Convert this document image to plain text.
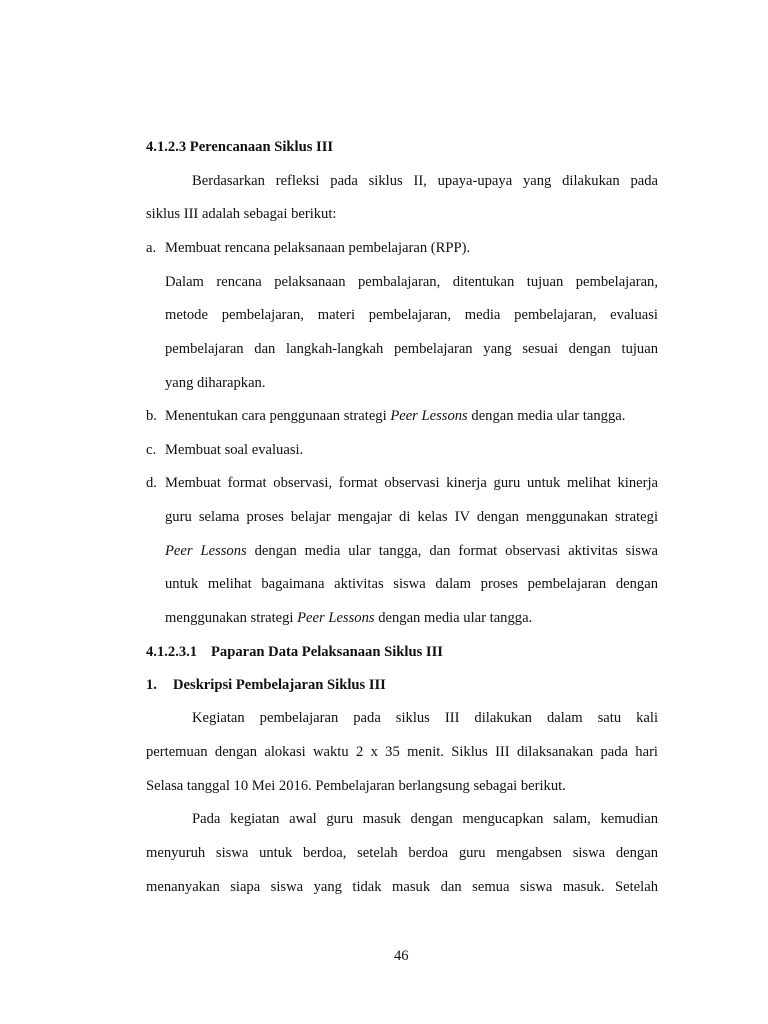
4.1.2.3 Perencanaan Siklus III
Berdasarkan refleksi pada siklus II, upaya-upaya yang dilakukan pada
siklus III adalah sebagai berikut:
a. Membuat rencana pelaksanaan pembelajaran (RPP).
Dalam rencana pelaksanaan pembalajaran, ditentukan tujuan pembelajaran,
metode pembelajaran, materi pembelajaran, media pembelajaran, evaluasi
pembelajaran dan langkah-langkah pembelajaran yang sesuai dengan tujuan
yang diharapkan.
b. Menentukan cara penggunaan strategi Peer Lessons dengan media ular tangga.
c. Membuat soal evaluasi.
d. Membuat format observasi, format observasi kinerja guru untuk melihat kinerja
guru selama proses belajar mengajar di kelas IV dengan menggunakan strategi
Peer Lessons dengan media ular tangga, dan format observasi aktivitas siswa
untuk melihat bagaimana aktivitas siswa dalam proses pembelajaran dengan
menggunakan strategi Peer Lessons dengan media ular tangga.
4.1.2.3.1 Paparan Data Pelaksanaan Siklus III
1. Deskripsi Pembelajaran Siklus III
Kegiatan pembelajaran pada siklus III dilakukan dalam satu kali
pertemuan dengan alokasi waktu 2 x 35 menit. Siklus III dilaksanakan pada hari
Selasa tanggal 10 Mei 2016. Pembelajaran berlangsung sebagai berikut.
Pada kegiatan awal guru masuk dengan mengucapkan salam, kemudian
menyuruh siswa untuk berdoa, setelah berdoa guru mengabsen siswa dengan
menanyakan siapa siswa yang tidak masuk dan semua siswa masuk. Setelah
46
